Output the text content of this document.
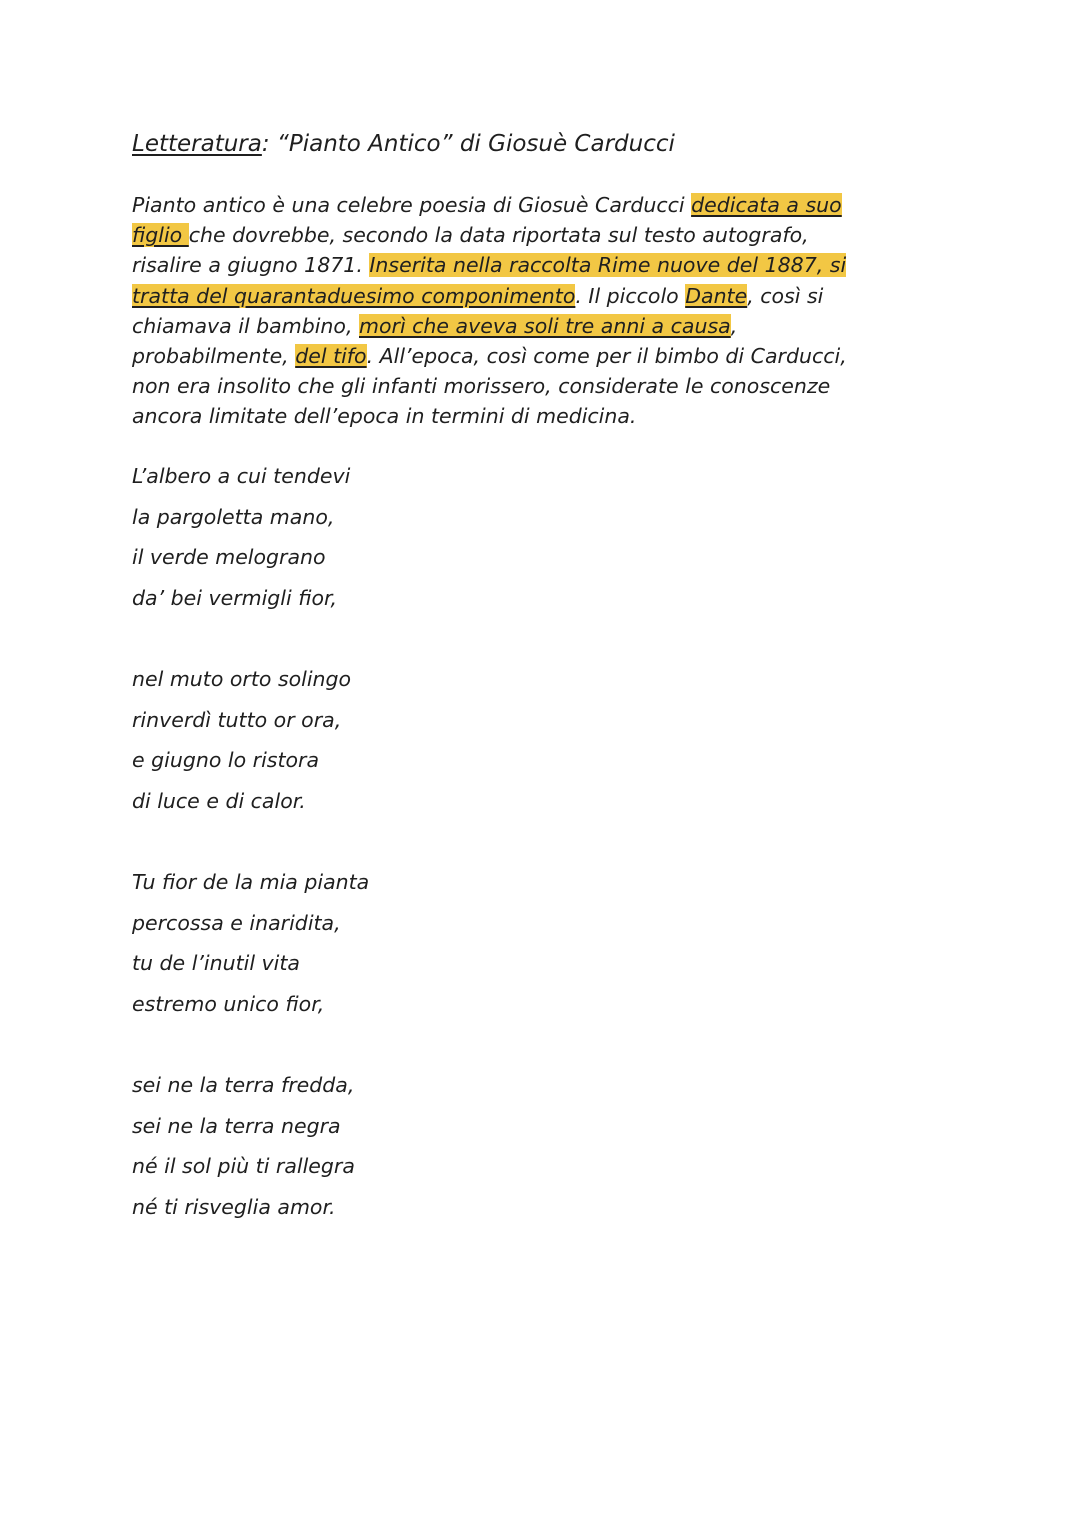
Letteratura: “Pianto Antico” di Giosuè Carducci

Pianto antico è una celebre poesia di Giosuè Carducci dedicata a suo
figlio che dovrebbe, secondo la data riportata sul testo autografo,
risalire a giugno 1871. Inserita nella raccolta Rime nuove del 1887, si
tratta del quarantaduesimo componimento. Il piccolo Dante, così si
chiamava il bambino, morì che aveva soli tre anni a causa,
probabilmente, del tifo. All’epoca, così come per il bimbo di Carducci,
non era insolito che gli infanti morissero, considerate le conoscenze
ancora limitate dell’epoca in termini di medicina.

L’albero a cui tendevi
la pargoletta mano,
il verde melograno
da’ bei vermigli fior,
nel muto orto solingo
rinverdì tutto or ora,
e giugno lo ristora
di luce e di calor.
Tu fior de la mia pianta
percossa e inaridita,
tu de l’inutil vita
estremo unico fior,
sei ne la terra fredda,
sei ne la terra negra
né il sol più ti rallegra
né ti risveglia amor.
